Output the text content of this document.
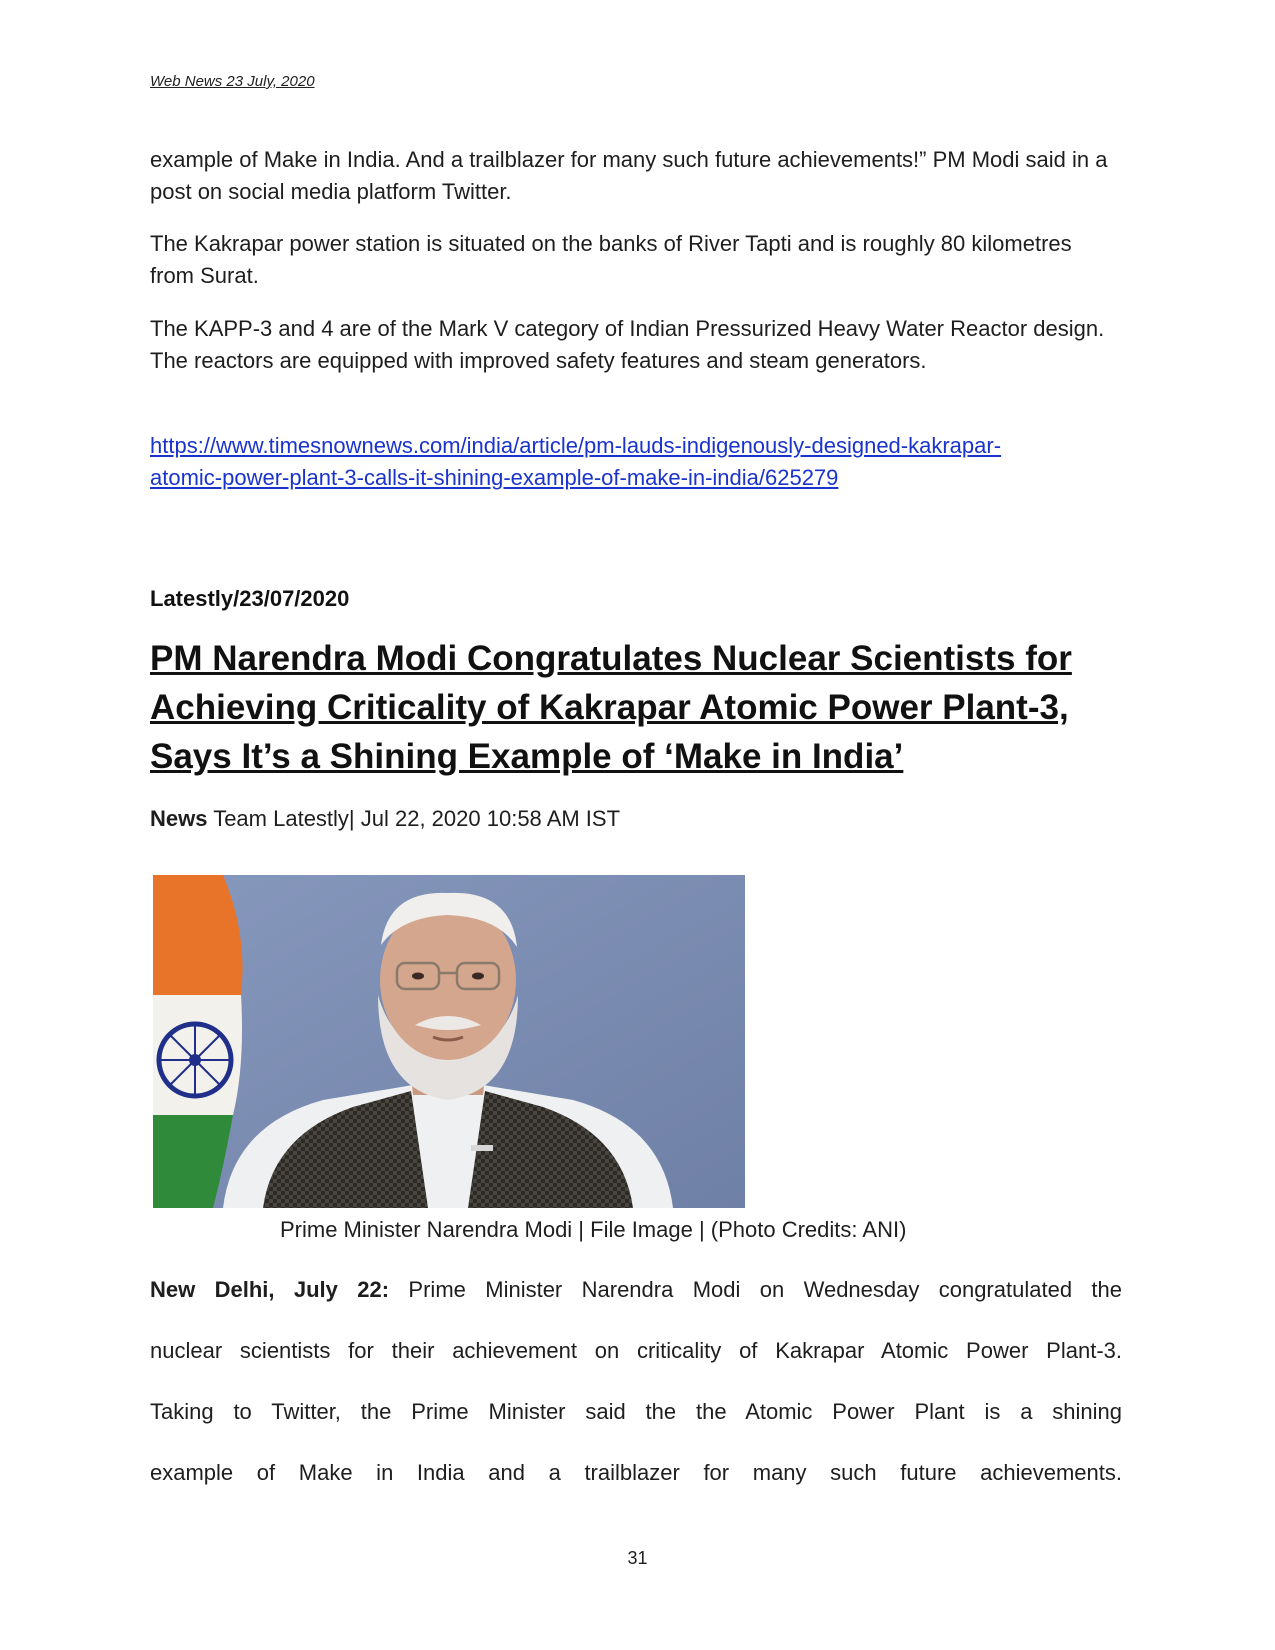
Web News 23 July, 2020

example of Make in India. And a trailblazer for many such future achievements!” PM Modi said in a post on social media platform Twitter.

The Kakrapar power station is situated on the banks of River Tapti and is roughly 80 kilometres from Surat.

The KAPP-3 and 4 are of the Mark V category of Indian Pressurized Heavy Water Reactor design. The reactors are equipped with improved safety features and steam generators.

https://www.timesnownews.com/india/article/pm-lauds-indigenously-designed-kakrapar-
atomic-power-plant-3-calls-it-shining-example-of-make-in-india/625279
Latestly/23/07/2020
PM Narendra Modi Congratulates Nuclear Scientists for Achieving Criticality of Kakrapar Atomic Power Plant-3, Says It’s a Shining Example of ‘Make in India’
News Team Latestly| Jul 22, 2020 10:58 AM IST
Prime Minister Narendra Modi | File Image | (Photo Credits: ANI)
New Delhi, July 22: Prime Minister Narendra Modi on Wednesday congratulated the
nuclear scientists for their achievement on criticality of Kakrapar Atomic Power Plant-3.
Taking to Twitter, the Prime Minister said the the Atomic Power Plant is a shining
example of Make in India and a trailblazer for many such future achievements.
31
